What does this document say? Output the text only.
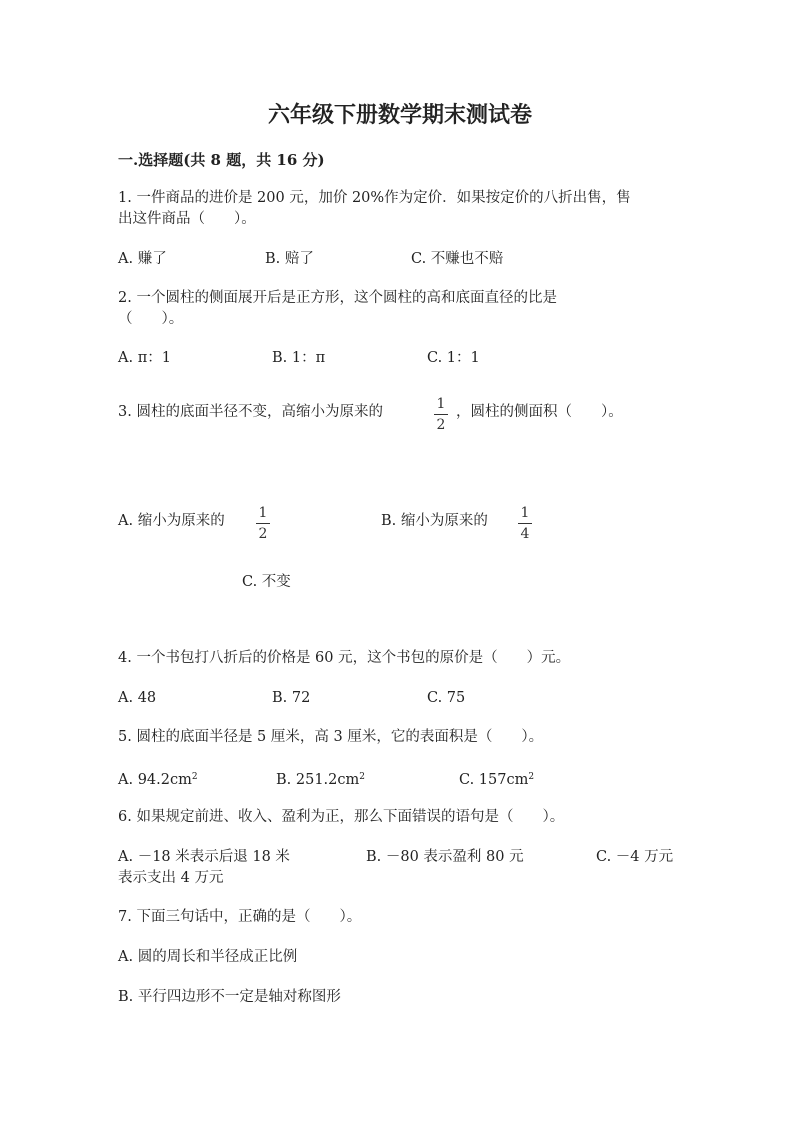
六年级下册数学期末测试卷
一.选择题(共 8 题，共 16 分)
1. 一件商品的进价是 200 元，加价 20%作为定价．如果按定价的八折出售，售
出这件商品（　　）。
A. 赚了	B. 赔了	C. 不赚也不赔
2. 一个圆柱的侧面展开后是正方形，这个圆柱的高和底面直径的比是
（　　）。
A. π：1	B. 1：π	C. 1：1
3. 圆柱的底面半径不变，高缩小为原来的	1
2
，圆柱的侧面积（　　）。
A. 缩小为原来的 1
2
B. 缩小为原来的 1
4
C. 不变
4. 一个书包打八折后的价格是 60 元，这个书包的原价是（　　）元。
A. 48	B. 72	C. 75
5. 圆柱的底面半径是 5 厘米，高 3 厘米，它的表面积是（　　）。
A. $94.2cm^2$	B. $251.2cm^2$	C. $157cm^2$
6. 如果规定前进、收入、盈利为正，那么下面错误的语句是（　　）。
A. －18 米表示后退 18 米	B. －80 表示盈利 80 元	C. －4 万元
表示支出 4 万元
7. 下面三句话中，正确的是（　　）。
A. 圆的周长和半径成正比例
B. 平行四边形不一定是轴对称图形
